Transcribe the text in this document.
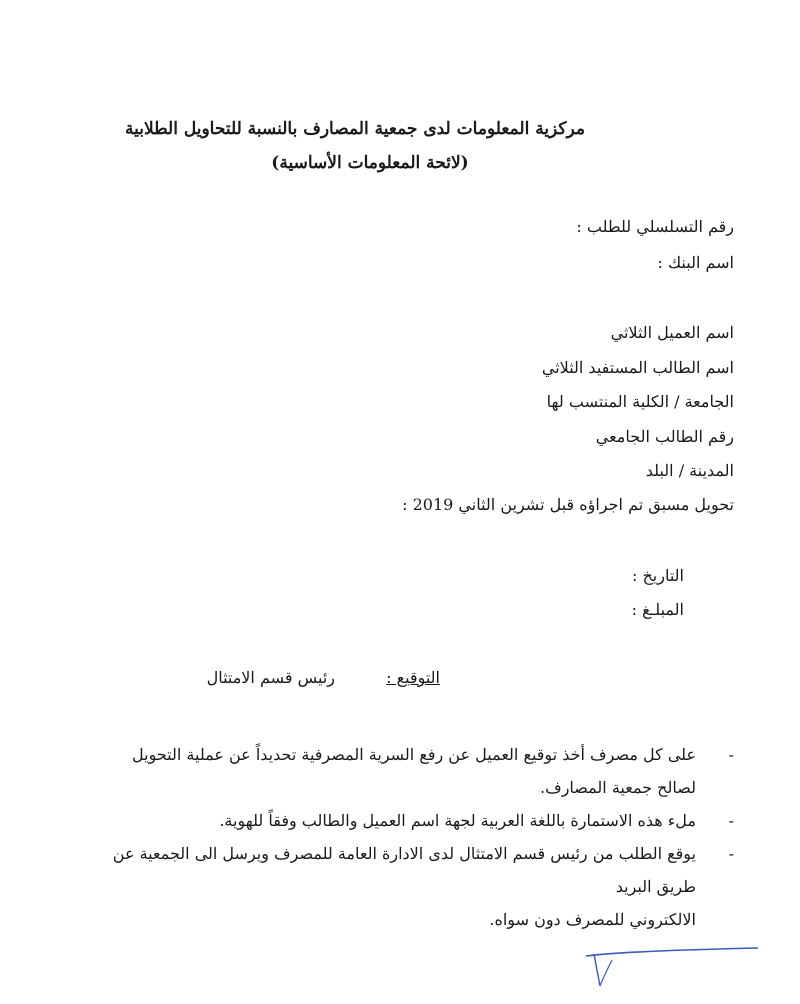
مركزية المعلومات لدى جمعية المصارف بالنسبة للتحاويل الطلابية
(لائحة المعلومات الأساسية)
رقم التسلسلي للطلب :
اسم البنك :
اسم العميل الثلاثي
اسم الطالب المستفيد الثلاثي
الجامعة / الكلية المنتسب لها
رقم الطالب الجامعي
المدينة / البلد
تحويل مسبق تم اجراؤه قبل تشرين الثاني 2019 :
التاريخ :
المبلـغ :
التوقيع : رئيس قسم الامتثال
-
على كل مصرف أخذ توقيع العميل عن رفع السرية المصرفية تحديداً عن عملية التحويل
لصالح جمعية المصارف.
-
ملء هذه الاستمارة باللغة العربية لجهة اسم العميل والطالب وفقاً للهوية.
-
يوقع الطلب من رئيس قسم الامتثال لدى الادارة العامة للمصرف ويرسل الى الجمعية عن
طريق البريد
الالكتروني للمصرف دون سواه.
